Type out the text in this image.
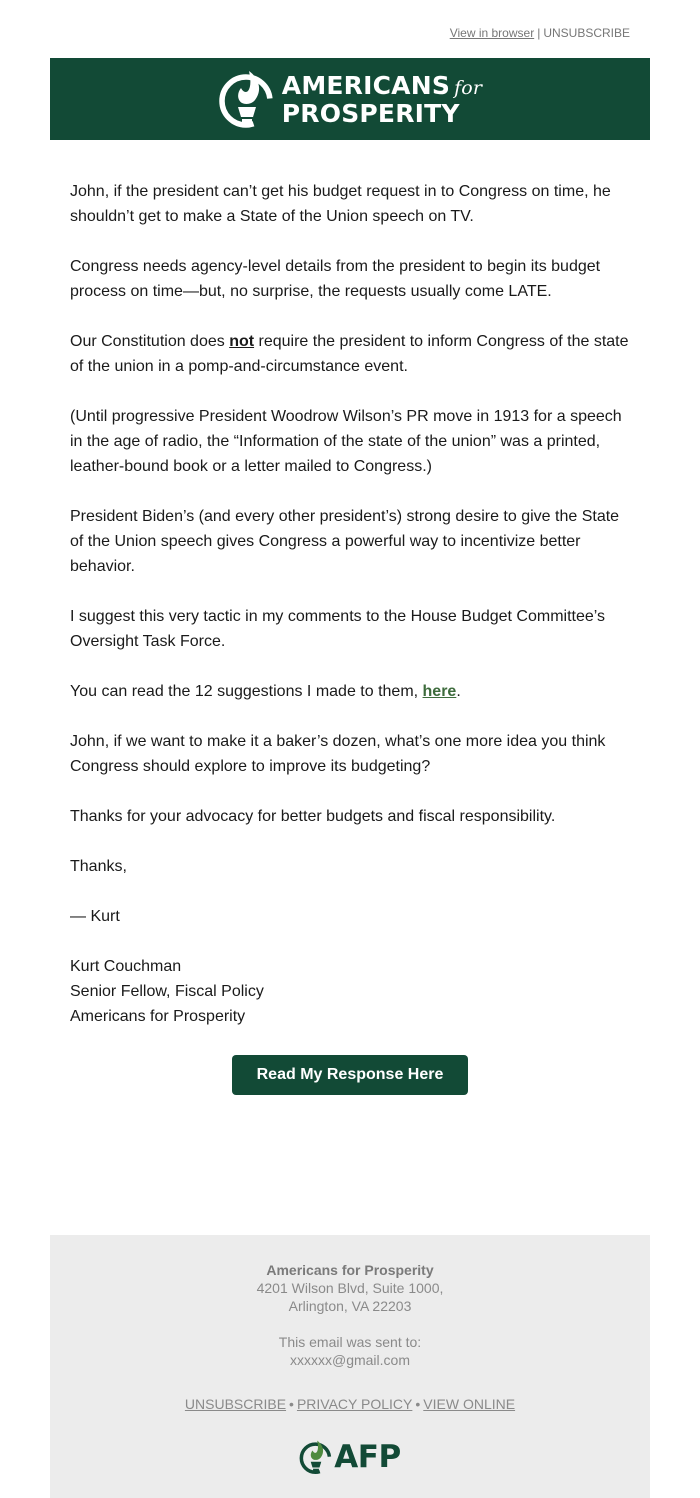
View in browser | UNSUBSCRIBE
AMERICANS for
PROSPERITY

John, if the president can’t get his budget request in to Congress on time, he shouldn’t get to make a State of the Union speech on TV.

Congress needs agency-level details from the president to begin its budget process on time—but, no surprise, the requests usually come LATE.

Our Constitution does not require the president to inform Congress of the state of the union in a pomp-and-circumstance event.

(Until progressive President Woodrow Wilson’s PR move in 1913 for a speech in the age of radio, the “Information of the state of the union” was a printed, leather-bound book or a letter mailed to Congress.)

President Biden’s (and every other president’s) strong desire to give the State of the Union speech gives Congress a powerful way to incentivize better behavior.

I suggest this very tactic in my comments to the House Budget Committee’s Oversight Task Force.

You can read the 12 suggestions I made to them, here.

John, if we want to make it a baker’s dozen, what’s one more idea you think Congress should explore to improve its budgeting?

Thanks for your advocacy for better budgets and fiscal responsibility.

Thanks,

— Kurt

Kurt Couchman

Senior Fellow, Fiscal Policy

Americans for Prosperity

Read My Response Here
Americans for Prosperity
4201 Wilson Blvd, Suite 1000,
Arlington, VA 22203
This email was sent to:
xxxxxx@gmail.com
UNSUBSCRIBE • PRIVACY POLICY • VIEW ONLINE
AFP
